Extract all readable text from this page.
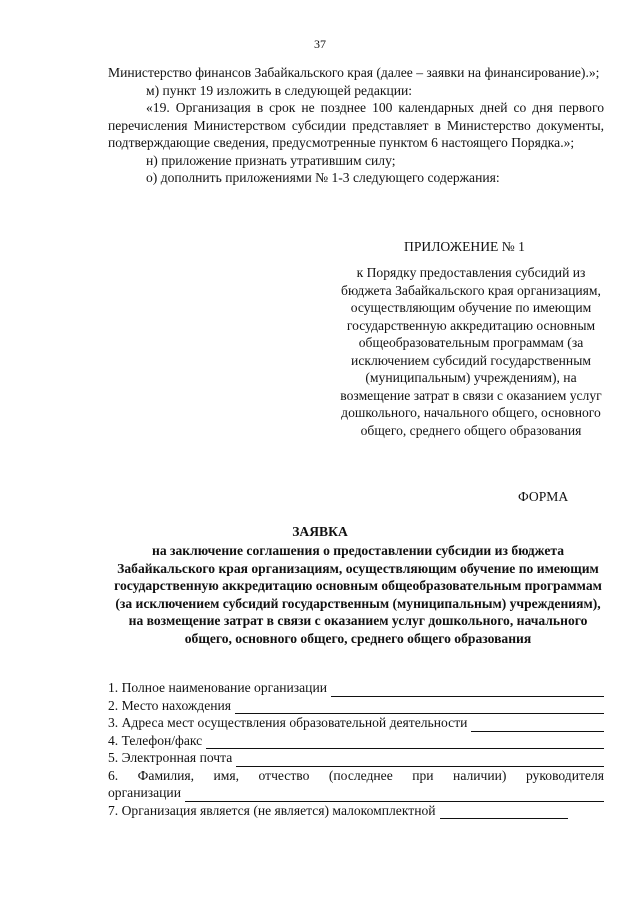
37

Министерство финансов Забайкальского края (далее – заявки на финансирование).»;

м) пункт 19 изложить в следующей редакции:

«19. Организация в срок не позднее 100 календарных дней со дня первого перечисления Министерством субсидии представляет в Министерство документы, подтверждающие сведения, предусмотренные пунктом 6 настоящего Порядка.»;

н) приложение признать утратившим силу;

о) дополнить приложениями № 1-3 следующего содержания:

ПРИЛОЖЕНИЕ № 1
к Порядку предоставления субсидий из бюджета Забайкальского края организациям, осуществляющим обучение по имеющим государственную аккредитацию основным общеобразовательным программам (за исключением субсидий государственным (муниципальным) учреждениям), на возмещение затрат в связи с оказанием услуг дошкольного, начального общего, основного общего, среднего общего образования
ФОРМА
ЗАЯВКА
на заключение соглашения о предоставлении субсидии из бюджета Забайкальского края организациям, осуществляющим обучение по имеющим государственную аккредитацию основным общеобразовательным программам (за исключением субсидий государственным (муниципальным) учреждениям), на возмещение затрат в связи с оказанием услуг дошкольного, начального общего, основного общего, среднего общего образования
1. Полное наименование организации
2. Место нахождения
3. Адреса мест осуществления образовательной деятельности
4. Телефон/факс
5. Электронная почта
6. Фамилия, имя, отчество (последнее при наличии) руководителя
организации
7. Организация является (не является) малокомплектной
